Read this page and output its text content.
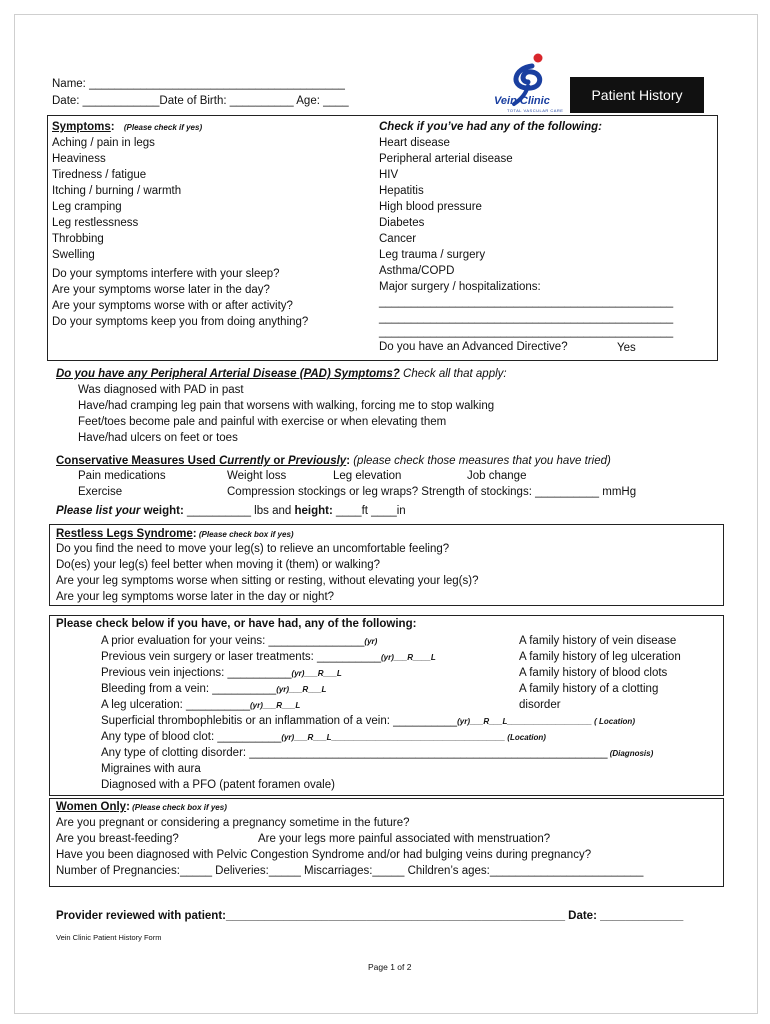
Name: ________________________________________
Date: ____________Date of Birth: __________ Age: ____	Vein Clinic
TOTAL VASCULAR CARE
Patient History
Symptoms: (Please check if yes)
Aching / pain in legs
Heaviness
Tiredness / fatigue
Itching / burning / warmth
Leg cramping
Leg restlessness
Throbbing
Swelling
Do your symptoms interfere with your sleep?
Are your symptoms worse later in the day?
Are your symptoms worse with or after activity?
Do your symptoms keep you from doing anything?
Check if you’ve had any of the following:
Heart disease
Peripheral arterial disease
HIV
Hepatitis
High blood pressure
Diabetes
Cancer
Leg trauma / surgery
Asthma/COPD
Major surgery / hospitalizations:
______________________________________________
______________________________________________
______________________________________________
Do you have an Advanced Directive?	Yes
Do you have any Peripheral Arterial Disease (PAD) Symptoms? Check all that apply:
Was diagnosed with PAD in past
Have/had cramping leg pain that worsens with walking, forcing me to stop walking
Feet/toes become pale and painful with exercise or when elevating them
Have/had ulcers on feet or toes
Conservative Measures Used Currently or Previously: (please check those measures that you have tried)
Pain medications	Weight loss	Leg elevation	Job change
Exercise	Compression stockings or leg wraps? Strength of stockings: __________ mmHg
Please list your weight: __________ lbs and height: ____ft ____in
Restless Legs Syndrome: (Please check box if yes)
Do you find the need to move your leg(s) to relieve an uncomfortable feeling?
Do(es) your leg(s) feel better when moving it (them) or walking?
Are your leg symptoms worse when sitting or resting, without elevating your leg(s)?
Are your leg symptoms worse later in the day or night?
Please check below if you have, or have had, any of the following:
A prior evaluation for your veins: _______________(yr)
Previous vein surgery or laser treatments: __________(yr)___R____L
Previous vein injections: __________(yr)___R___L
Bleeding from a vein: __________(yr)___R___L
A leg ulceration: __________(yr)___R___L
Superficial thrombophlebitis or an inflammation of a vein: __________(yr)___R___L___________________ ( Location)
Any type of blood clot: __________(yr)___R___L_______________________________________ (Location)
Any type of clotting disorder: ________________________________________________________ (Diagnosis)
Migraines with aura
Diagnosed with a PFO (patent foramen ovale)
A family history of vein disease
A family history of leg ulceration
A family history of blood clots
A family history of a clotting
disorder
Women Only: (Please check box if yes)
Are you pregnant or considering a pregnancy sometime in the future?
Are you breast-feeding?	Are your legs more painful associated with menstruation?
Have you been diagnosed with Pelvic Congestion Syndrome and/or had bulging veins during pregnancy?
Number of Pregnancies:_____ Deliveries:_____ Miscarriages:_____ Children’s ages:________________________
Provider reviewed with patient:_____________________________________________________ Date: _____________
Vein Clinic Patient History Form
Page 1 of 2
